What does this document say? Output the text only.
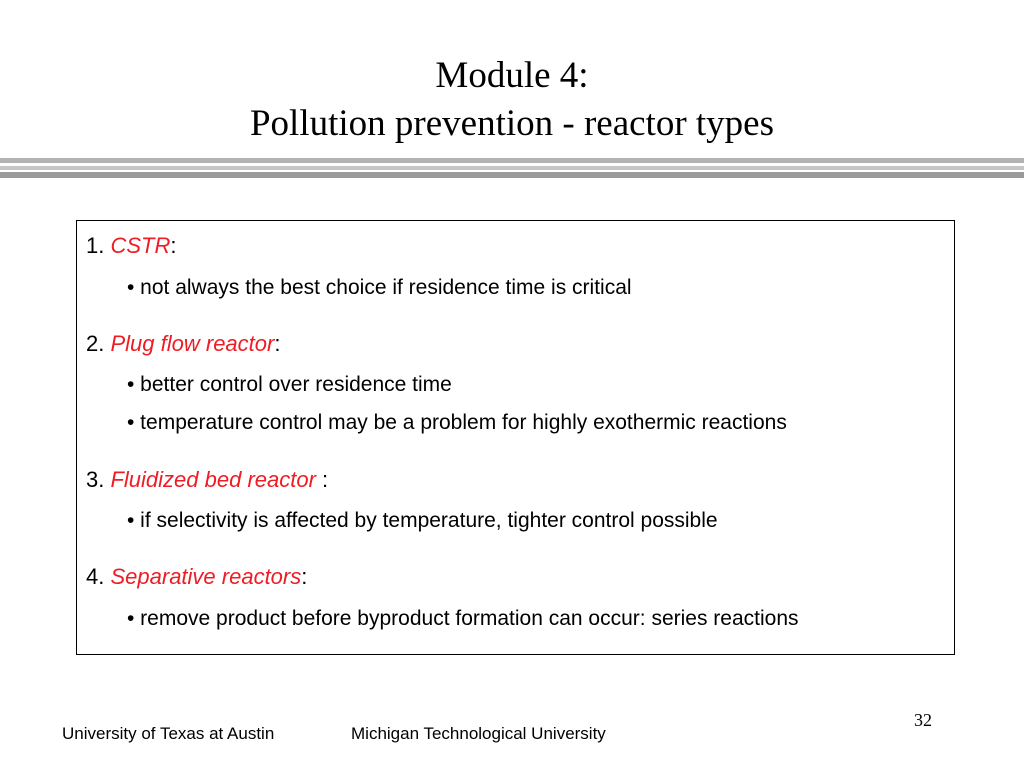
Module 4:
Pollution prevention - reactor types
1. CSTR:
• not always the best choice if residence time is critical
2. Plug flow reactor:
• better control over residence time
• temperature control may be a problem for highly exothermic reactions
3. Fluidized bed reactor :
• if selectivity is affected by temperature, tighter control possible
4. Separative reactors:
• remove product before byproduct formation can occur: series reactions
32
University of Texas at Austin	Michigan Technological University
